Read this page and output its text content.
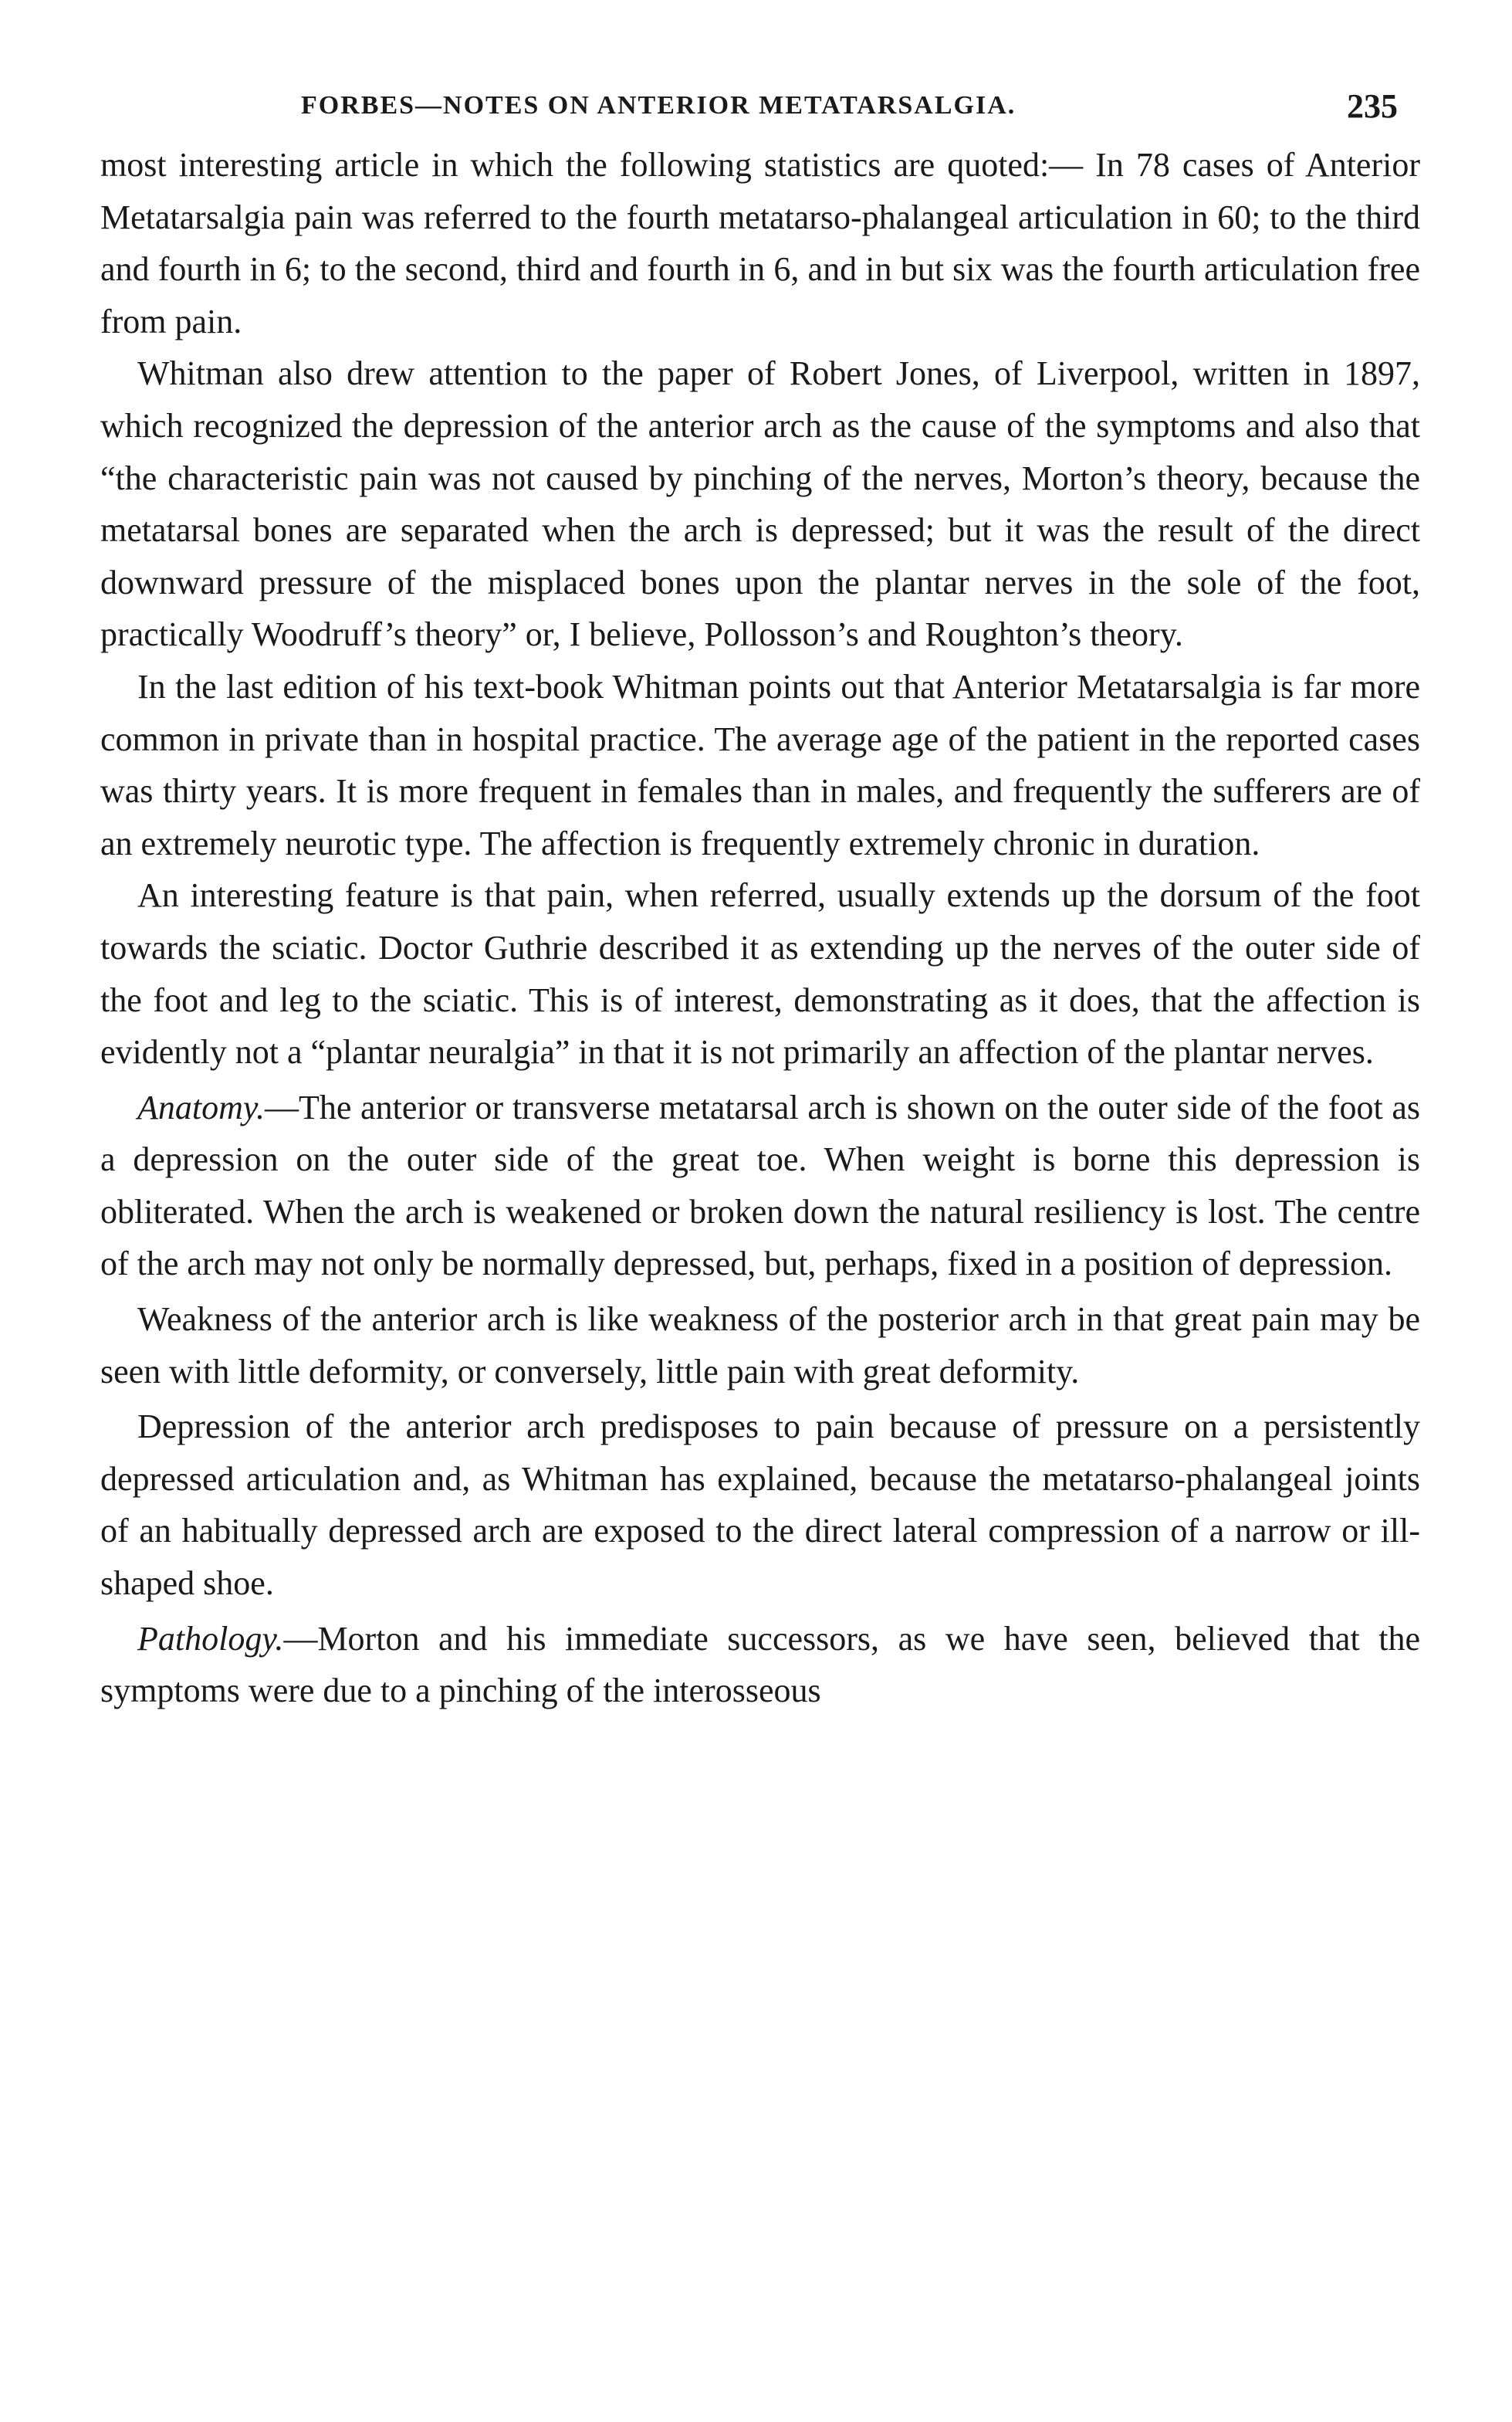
FORBES—NOTES ON ANTERIOR METATARSALGIA.	235

most interesting article in which the following statistics are quoted:— In 78 cases of Anterior Metatarsalgia pain was referred to the fourth metatarso-phalangeal articulation in 60; to the third and fourth in 6; to the second, third and fourth in 6, and in but six was the fourth articulation free from pain.

Whitman also drew attention to the paper of Robert Jones, of Liverpool, written in 1897, which recognized the depression of the anterior arch as the cause of the symptoms and also that “the characteristic pain was not caused by pinching of the nerves, Morton’s theory, because the metatarsal bones are separated when the arch is depressed; but it was the result of the direct downward pressure of the misplaced bones upon the plantar nerves in the sole of the foot, practically Woodruff’s theory” or, I believe, Pollosson’s and Roughton’s theory.

In the last edition of his text-book Whitman points out that Anterior Metatarsalgia is far more common in private than in hospital practice. The average age of the patient in the reported cases was thirty years. It is more frequent in females than in males, and frequently the sufferers are of an extremely neurotic type. The affection is frequently extremely chronic in duration.

An interesting feature is that pain, when referred, usually extends up the dorsum of the foot towards the sciatic. Doctor Guthrie described it as extending up the nerves of the outer side of the foot and leg to the sciatic. This is of interest, demonstrating as it does, that the affection is evidently not a “plantar neuralgia” in that it is not primarily an affection of the plantar nerves.

Anatomy.—The anterior or transverse metatarsal arch is shown on the outer side of the foot as a depression on the outer side of the great toe. When weight is borne this depression is obliterated. When the arch is weakened or broken down the natural resiliency is lost. The centre of the arch may not only be normally depressed, but, perhaps, fixed in a position of depression.

Weakness of the anterior arch is like weakness of the posterior arch in that great pain may be seen with little deformity, or conversely, little pain with great deformity.

Depression of the anterior arch predisposes to pain because of pressure on a persistently depressed articulation and, as Whitman has explained, because the metatarso-phalangeal joints of an habitually depressed arch are exposed to the direct lateral compression of a narrow or ill-shaped shoe.

Pathology.—Morton and his immediate successors, as we have seen, believed that the symptoms were due to a pinching of the interosseous
